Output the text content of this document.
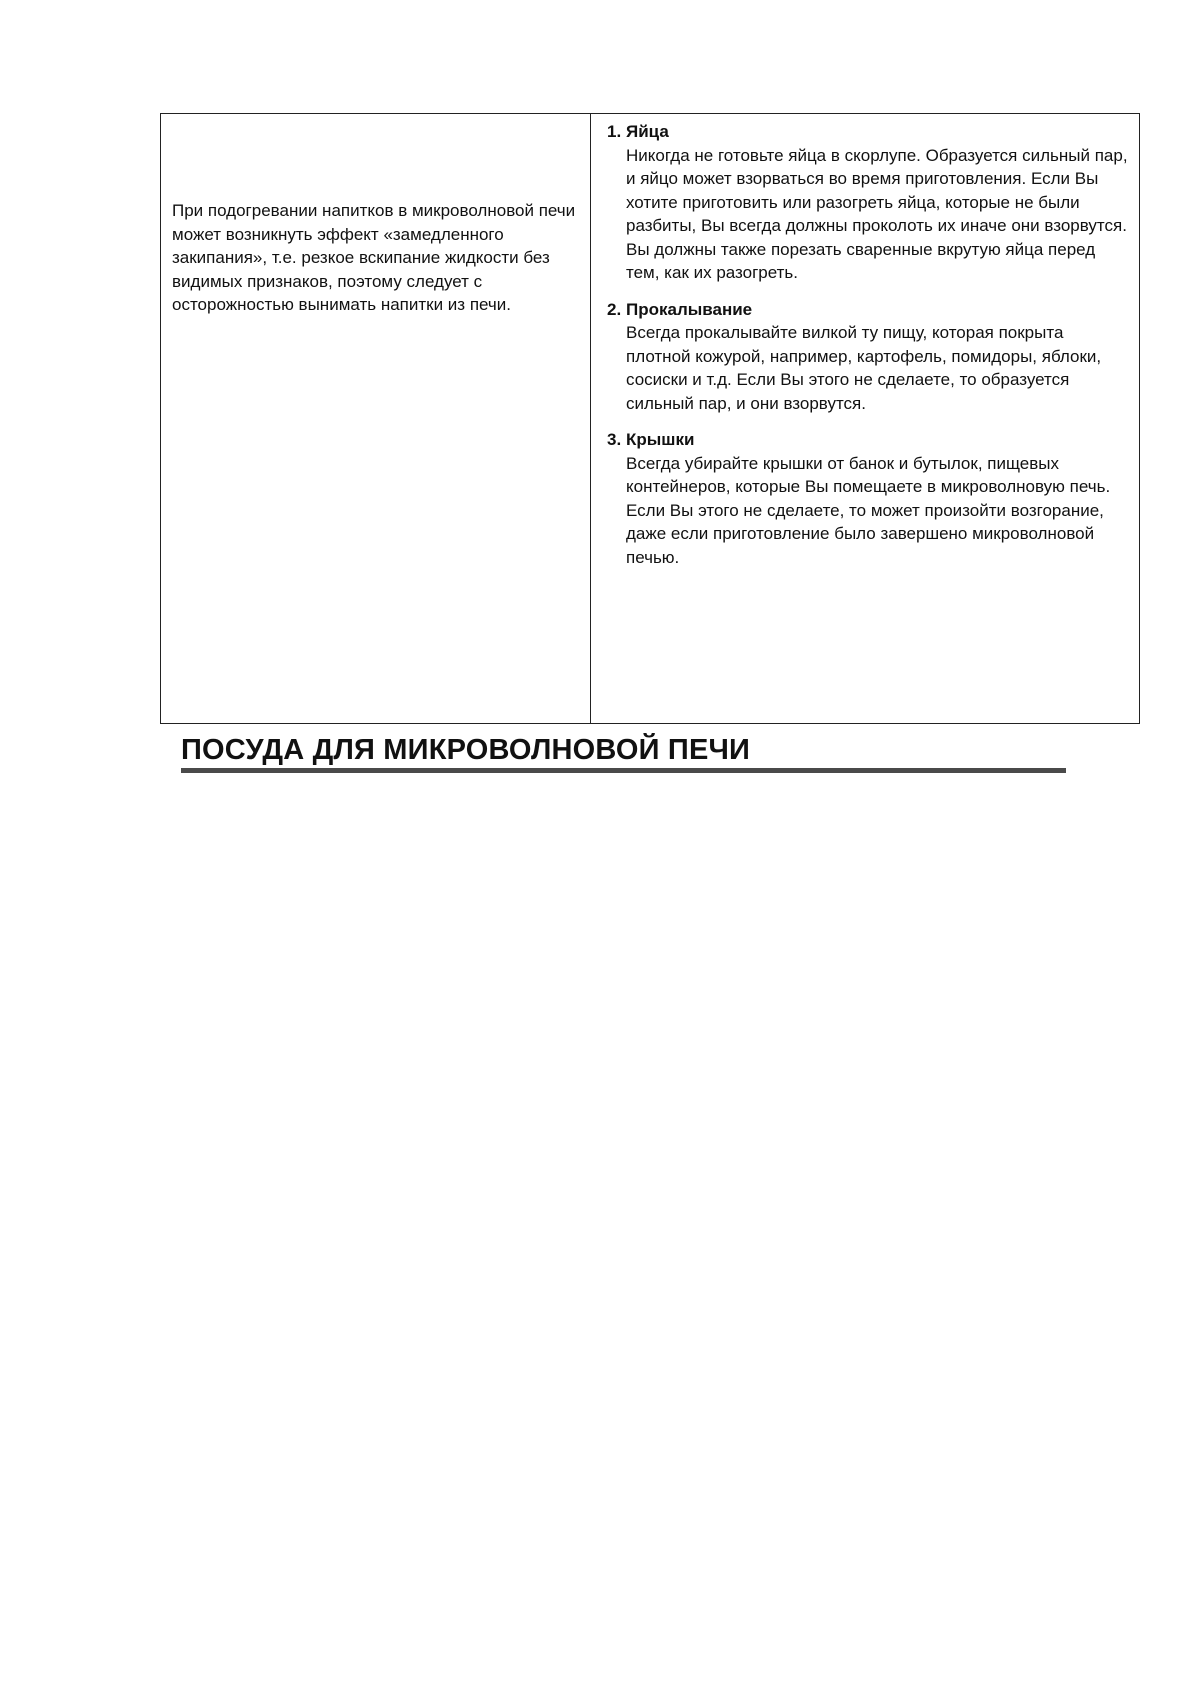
При подогревании напитков в микроволновой печи может возникнуть эффект «замедленного закипания», т.е. резкое вскипание жидкости без видимых признаков, поэтому следует с осторожностью вынимать напитки из печи.

1. Яйца

Никогда не готовьте яйца в скорлупе. Образуется сильный пар, и яйцо может взорваться во время приготовления. Если Вы хотите приготовить или разогреть яйца, которые не были разбиты, Вы всегда должны проколоть их иначе они взорвутся. Вы должны также порезать сваренные вкрутую яйца перед тем, как их разогреть.

2. Прокалывание

Всегда прокалывайте вилкой ту пищу, которая покрыта плотной кожурой, например, картофель, помидоры, яблоки, сосиски и т.д. Если Вы этого не сделаете, то образуется сильный пар, и они взорвутся.

3. Крышки

Всегда убирайте крышки от банок и бутылок, пищевых контейнеров, которые Вы помещаете в микроволновую печь. Если Вы этого не сделаете, то может произойти возгорание, даже если приготовление было завершено микроволновой печью.

ПОСУДА ДЛЯ МИКРОВОЛНОВОЙ ПЕЧИ
